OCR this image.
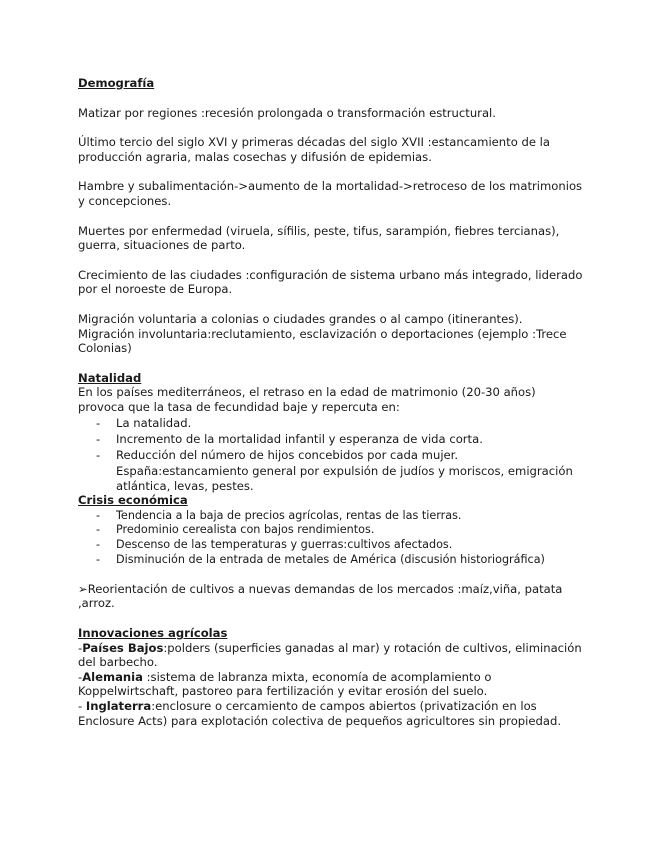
Demografía

Matizar por regiones :recesión prolongada o transformación estructural.

Último tercio del siglo XVI y primeras décadas del siglo XVII :estancamiento de la producción agraria, malas cosechas y difusión de epidemias.

Hambre y subalimentación->aumento de la mortalidad->retroceso de los matrimonios y concepciones.

Muertes por enfermedad (viruela, sífilis, peste, tifus, sarampión, fiebres tercianas), guerra, situaciones de parto.

Crecimiento de las ciudades :configuración de sistema urbano más integrado, liderado por el noroeste de Europa.

Migración voluntaria a colonias o ciudades grandes o al campo (itinerantes).

Migración involuntaria:reclutamiento, esclavización o deportaciones (ejemplo :Trece Colonias)

Natalidad

En los países mediterráneos, el retraso en la edad de matrimonio (20-30 años) provoca que la tasa de fecundidad baje y repercuta en:

- La natalidad.
- Incremento de la mortalidad infantil y esperanza de vida corta.
- Reducción del número de hijos concebidos por cada mujer.

España:estancamiento general por expulsión de judíos y moriscos, emigración atlántica, levas, pestes.

Crisis económica

- Tendencia a la baja de precios agrícolas, rentas de las tierras.
- Predominio cerealista con bajos rendimientos.
- Descenso de las temperaturas y guerras:cultivos afectados.
- Disminución de la entrada de metales de América (discusión historiográfica)

➢Reorientación de cultivos a nuevas demandas de los mercados :maíz,viña, patata ,arroz.

Innovaciones agrícolas

-Países Bajos:polders (superficies ganadas al mar) y rotación de cultivos, eliminación del barbecho.

-Alemania :sistema de labranza mixta, economía de acomplamiento o Koppelwirtschaft, pastoreo para fertilización y evitar erosión del suelo.

- Inglaterra:enclosure o cercamiento de campos abiertos (privatización en los Enclosure Acts) para explotación colectiva de pequeños agricultores sin propiedad.
